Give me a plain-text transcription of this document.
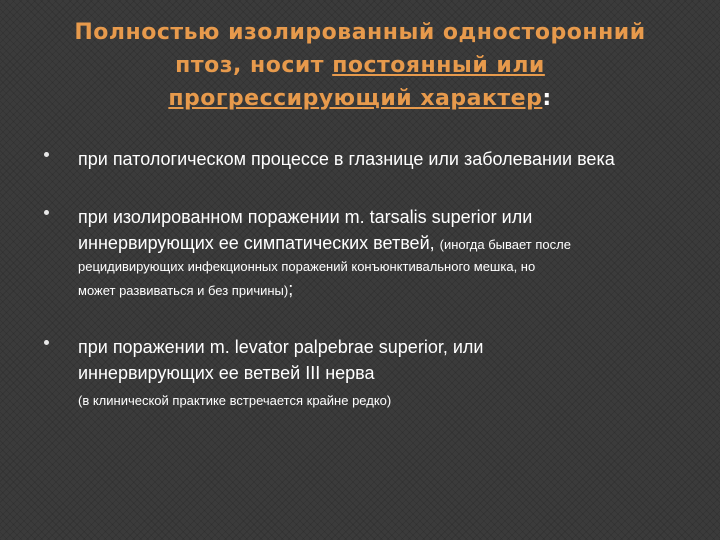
Полностью изолированный односторонний
птоз, носит постоянный или
прогрессирующий характер:
при патологическом процессе в глазнице или заболевании века
при изолированном поражении m. tarsalis superior или
иннервирующих ее симпатических ветвей, (иногда бывает после
рецидивирующих инфекционных поражений конъюнктивального мешка, но
может развиваться и без причины);
при поражении m. levator palpebrae superior, или
иннервирующих ее ветвей III нерва
(в клинической практике встречается крайне редко)
